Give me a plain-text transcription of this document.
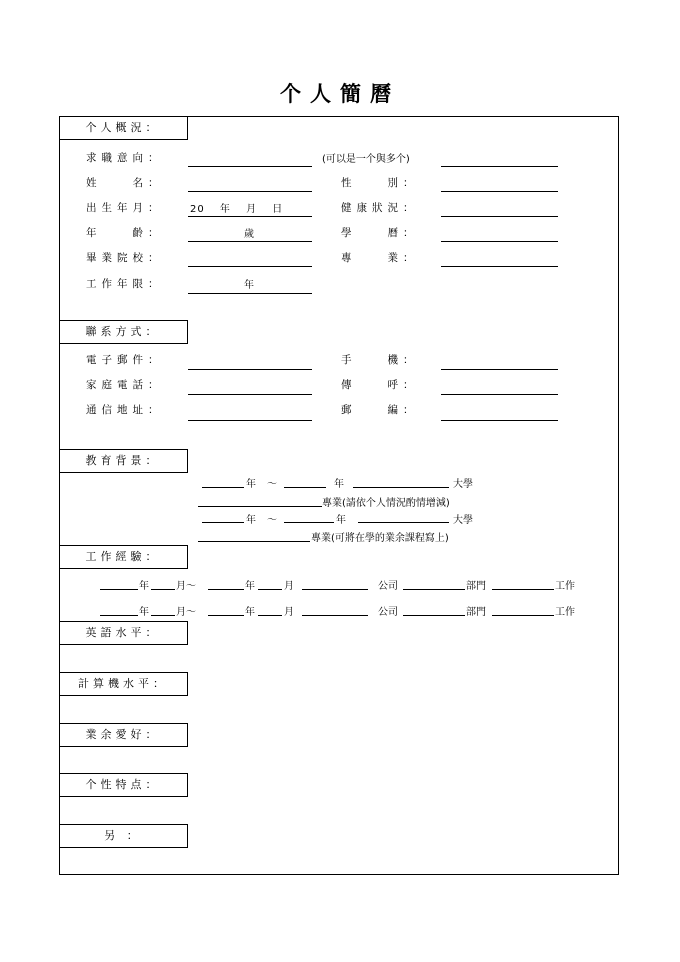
个人簡曆
个人概況：
聯系方式：
教育背景：
工作經驗：
英語水平：
計算機水平：
業余愛好：
个性特点：
另 ：
求職意向：	(可以是一个與多个)
姓　　名：	性　　別：
出生年月：	20　 年　 月　 日	健康狀況：
年　　齡：	歲	學　　曆：
畢業院校：	專　　業：
工作年限：	年
電子郵件：	手　　機：
家庭電話：	傳　　呼：
通信地址：	郵　　編：
年 ～	年	大學
專業(請依个人情況酌情增減)
年 ～	年	大學
專業(可將在學的業余課程寫上)
年	月～	年	月	公司	部門	工作
年	月～	年	月	公司	部門	工作
